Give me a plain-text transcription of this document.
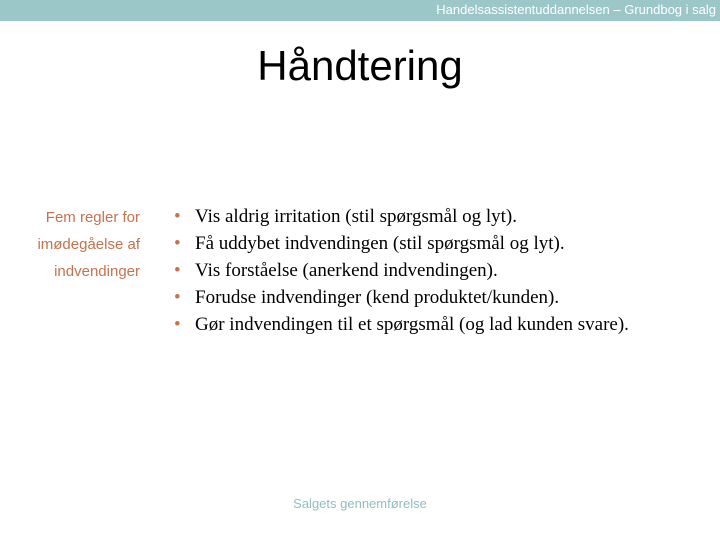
Handelsassistentuddannelsen – Grundbog i salg
Håndtering
Fem regler for
imødegåelse af
indvendinger
• Vis aldrig irritation (stil spørgsmål og lyt).
• Få uddybet indvendingen (stil spørgsmål og lyt).
• Vis forståelse (anerkend indvendingen).
• Forudse indvendinger (kend produktet/kunden).
• Gør indvendingen til et spørgsmål (og lad kunden svare).
Salgets gennemførelse
